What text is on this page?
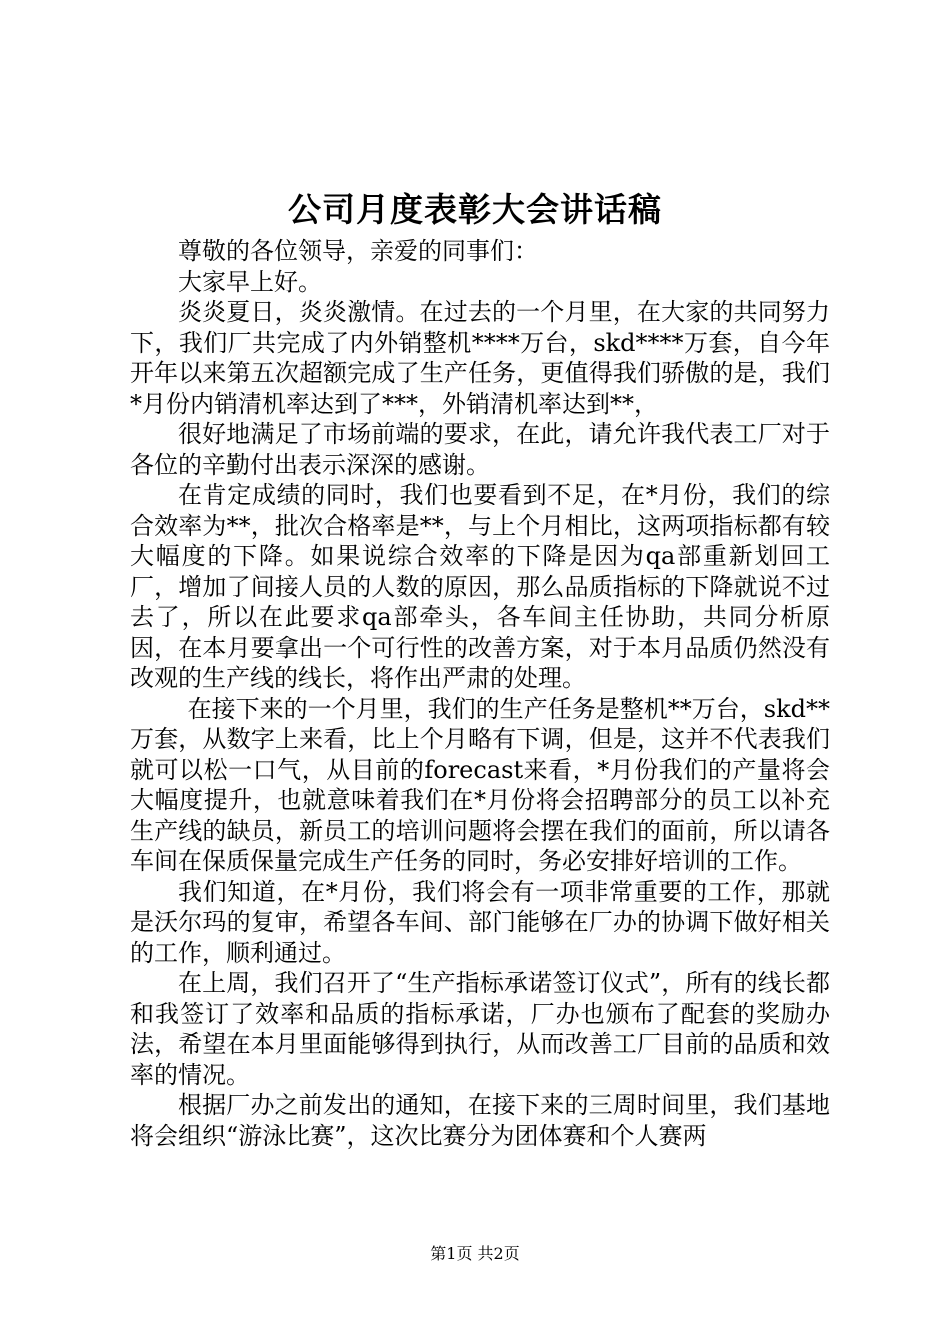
公司月度表彰大会讲话稿

尊敬的各位领导，亲爱的同事们：

大家早上好。

炎炎夏日，炎炎激情。在过去的一个月里，在大家的共同努力下，我们厂共完成了内外销整机****万台，skd****万套，自今年开年以来第五次超额完成了生产任务，更值得我们骄傲的是，我们*月份内销清机率达到了***，外销清机率达到**，

很好地满足了市场前端的要求，在此，请允许我代表工厂对于各位的辛勤付出表示深深的感谢。

在肯定成绩的同时，我们也要看到不足，在*月份，我们的综合效率为**，批次合格率是**，与上个月相比，这两项指标都有较大幅度的下降。如果说综合效率的下降是因为qa部重新划回工厂，增加了间接人员的人数的原因，那么品质指标的下降就说不过去了，所以在此要求qa部牵头，各车间主任协助，共同分析原因，在本月要拿出一个可行性的改善方案，对于本月品质仍然没有改观的生产线的线长，将作出严肃的处理。

在接下来的一个月里，我们的生产任务是整机**万台，skd**万套，从数字上来看，比上个月略有下调，但是，这并不代表我们就可以松一口气，从目前的forecast来看，*月份我们的产量将会大幅度提升，也就意味着我们在*月份将会招聘部分的员工以补充生产线的缺员，新员工的培训问题将会摆在我们的面前，所以请各车间在保质保量完成生产任务的同时，务必安排好培训的工作。

我们知道，在*月份，我们将会有一项非常重要的工作，那就是沃尔玛的复审，希望各车间、部门能够在厂办的协调下做好相关的工作，顺利通过。

在上周，我们召开了“生产指标承诺签订仪式”，所有的线长都和我签订了效率和品质的指标承诺，厂办也颁布了配套的奖励办法，希望在本月里面能够得到执行，从而改善工厂目前的品质和效率的情况。

根据厂办之前发出的通知，在接下来的三周时间里，我们基地将会组织“游泳比赛”，这次比赛分为团体赛和个人赛两

第1页 共2页
